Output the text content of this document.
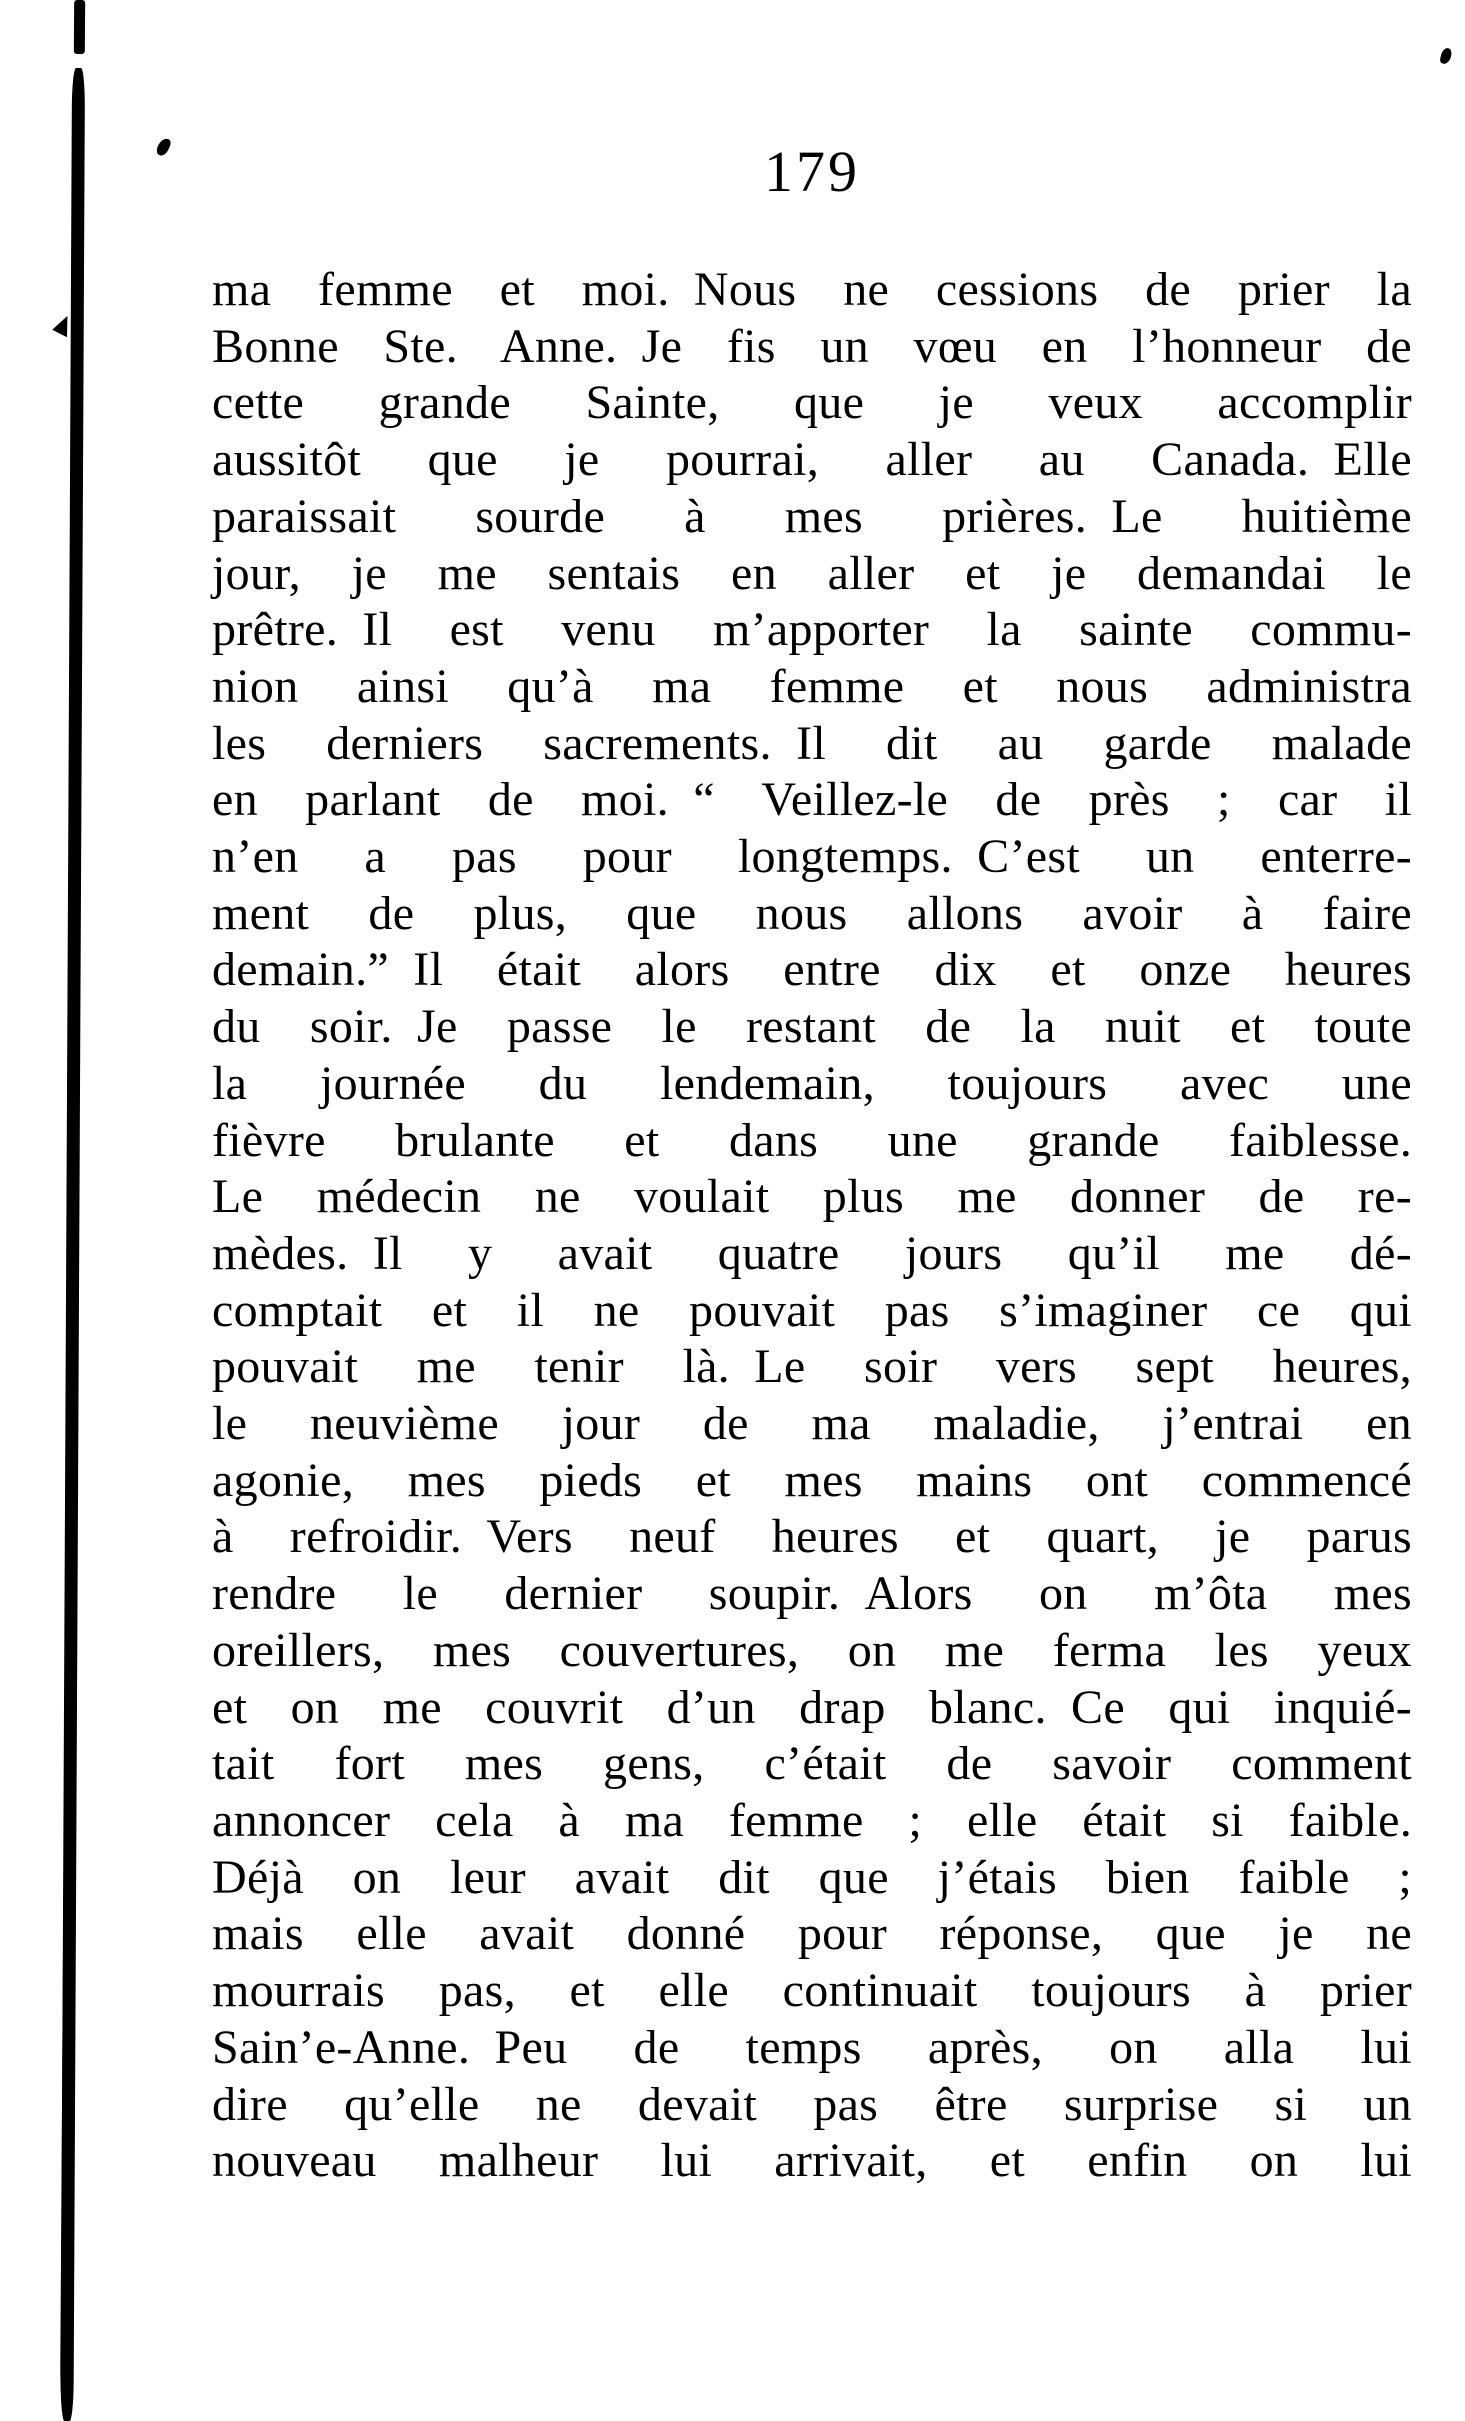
179
ma femme et moi. Nous ne cessions de prier la
Bonne Ste. Anne. Je fis un vœu en l’honneur de
cette grande Sainte, que je veux accomplir
aussitôt que je pourrai, aller au Canada. Elle
paraissait sourde à mes prières. Le huitième
jour, je me sentais en aller et je demandai le
prêtre. Il est venu m’apporter la sainte commu-
nion ainsi qu’à ma femme et nous administra
les derniers sacrements. Il dit au garde malade
en parlant de moi. “ Veillez-le de près ; car il
n’en a pas pour longtemps. C’est un enterre-
ment de plus, que nous allons avoir à faire
demain.” Il était alors entre dix et onze heures
du soir. Je passe le restant de la nuit et toute
la journée du lendemain, toujours avec une
fièvre brulante et dans une grande faiblesse.
Le médecin ne voulait plus me donner de re-
mèdes. Il y avait quatre jours qu’il me dé-
comptait et il ne pouvait pas s’imaginer ce qui
pouvait me tenir là. Le soir vers sept heures,
le neuvième jour de ma maladie, j’entrai en
agonie, mes pieds et mes mains ont commencé
à refroidir. Vers neuf heures et quart, je parus
rendre le dernier soupir. Alors on m’ôta mes
oreillers, mes couvertures, on me ferma les yeux
et on me couvrit d’un drap blanc. Ce qui inquié-
tait fort mes gens, c’était de savoir comment
annoncer cela à ma femme ; elle était si faible.
Déjà on leur avait dit que j’étais bien faible ;
mais elle avait donné pour réponse, que je ne
mourrais pas, et elle continuait toujours à prier
Sain’e-Anne. Peu de temps après, on alla lui
dire qu’elle ne devait pas être surprise si un
nouveau malheur lui arrivait, et enfin on lui
